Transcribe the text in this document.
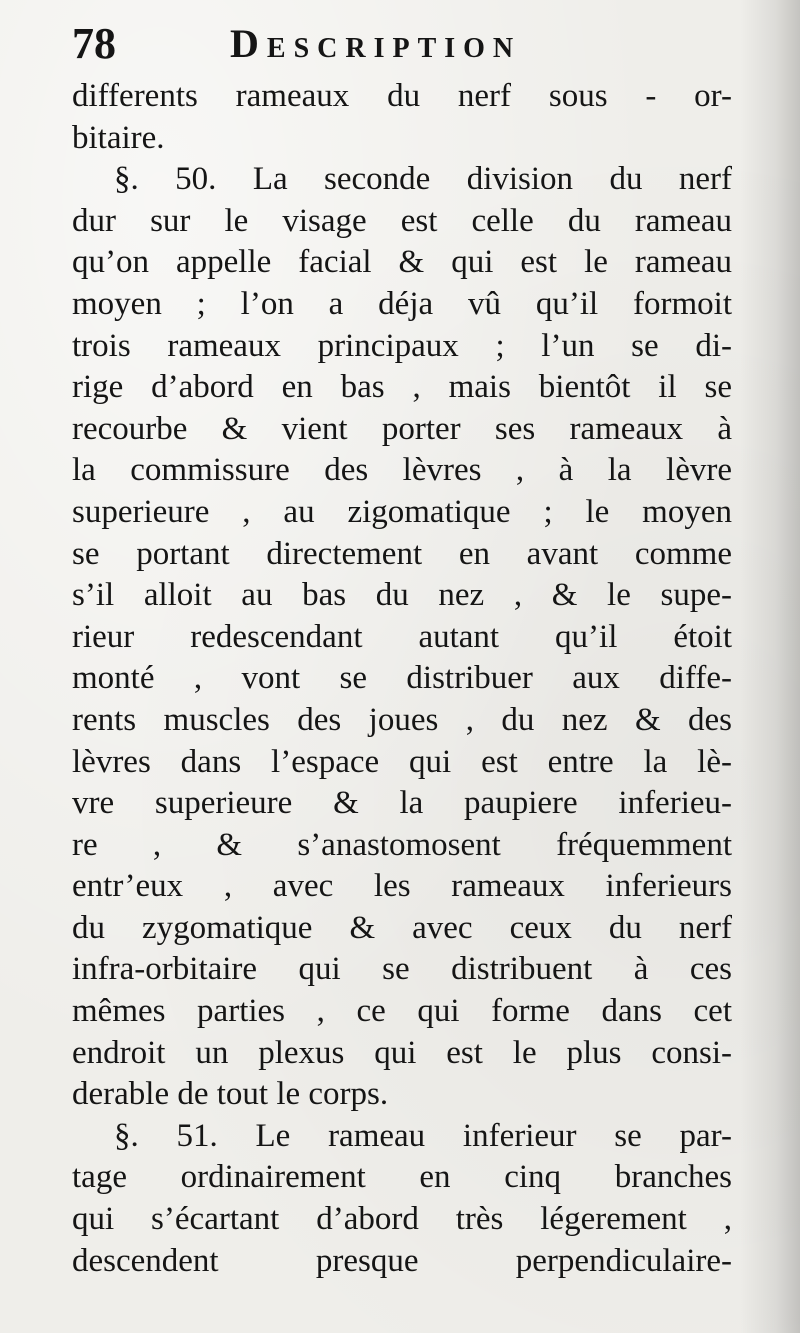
78	Description
differents rameaux du nerf sous - or-
bitaire.
§. 50. La seconde division du nerf
dur sur le visage est celle du rameau
qu’on appelle facial & qui est le rameau
moyen ; l’on a déja vû qu’il formoit
trois rameaux principaux ; l’un se di-
rige d’abord en bas , mais bientôt il se
recourbe & vient porter ses rameaux à
la commissure des lèvres , à la lèvre
superieure , au zigomatique ; le moyen
se portant directement en avant comme
s’il alloit au bas du nez , & le supe-
rieur redescendant autant qu’il étoit
monté , vont se distribuer aux diffe-
rents muscles des joues , du nez & des
lèvres dans l’espace qui est entre la lè-
vre superieure & la paupiere inferieu-
re , & s’anastomosent fréquemment
entr’eux , avec les rameaux inferieurs
du zygomatique & avec ceux du nerf
infra-orbitaire qui se distribuent à ces
mêmes parties , ce qui forme dans cet
endroit un plexus qui est le plus consi-
derable de tout le corps.
§. 51. Le rameau inferieur se par-
tage ordinairement en cinq branches
qui s’écartant d’abord très légerement ,
descendent presque perpendiculaire-
